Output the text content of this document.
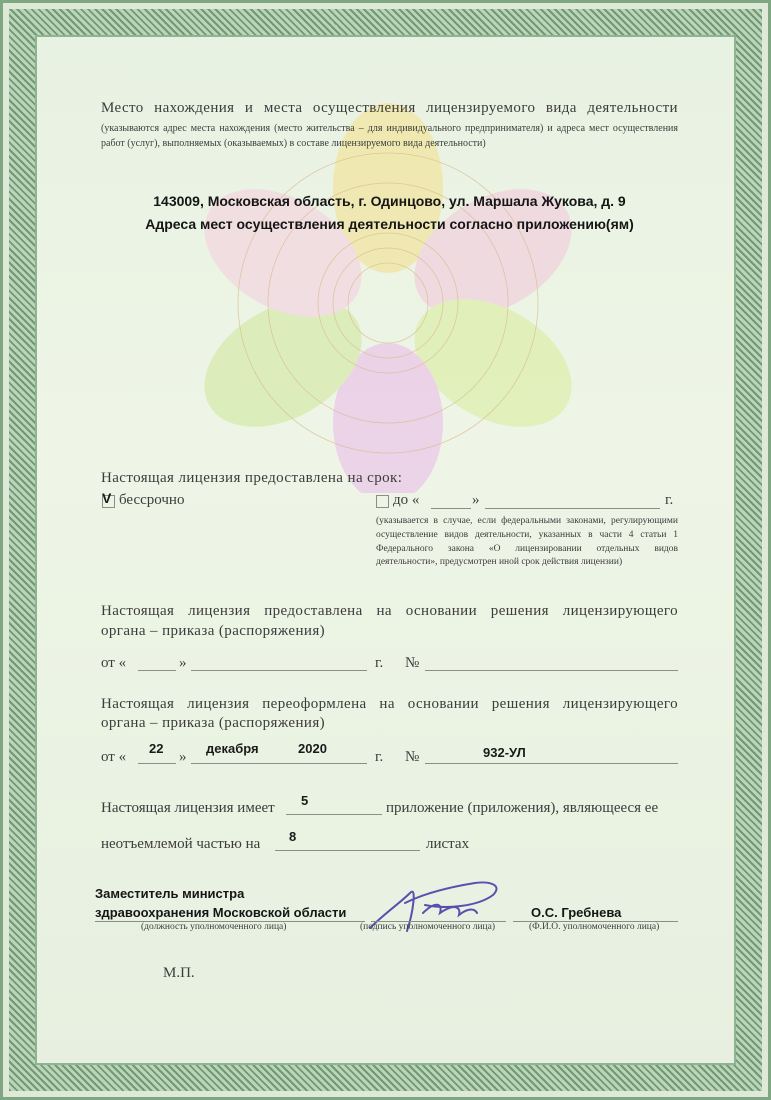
Место нахождения и места осуществления лицензируемого вида деятельности

(указываются адрес места нахождения (место жительства – для индивидуального предпринимателя) и адреса мест осуществления работ (услуг), выполняемых (оказываемых) в составе лицензируемого вида деятельности)

143009, Московская область, г. Одинцово, ул. Маршала Жукова, д. 9

Адреса мест осуществления деятельности согласно приложению(ям)

Настоящая лицензия предоставлена на срок:

V бессрочно	до «	»	г.

(указывается в случае, если федеральными законами, регулирующими осуществление видов деятельности, указанных в части 4 статьи 1 Федерального закона «О лицензировании отдельных видов деятельности», предусмотрен иной срок действия лицензии)

Настоящая лицензия предоставлена на основании решения лицензирующего

органа – приказа (распоряжения)

от «	»	г. №

Настоящая лицензия переоформлена на основании решения лицензирующего

органа – приказа (распоряжения)

от «
22
»
декабря	2020
г. №	932-УЛ
Настоящая лицензия имеет 5	приложение (приложения), являющееся ее
неотъемлемой частью на 8	листах

Заместитель министра

здравоохранения Московской области

(должность уполномоченного лица)	(подпись уполномоченного лица)
О.С. Гребнева
(Ф.И.О. уполномоченного лица)
М.П.
